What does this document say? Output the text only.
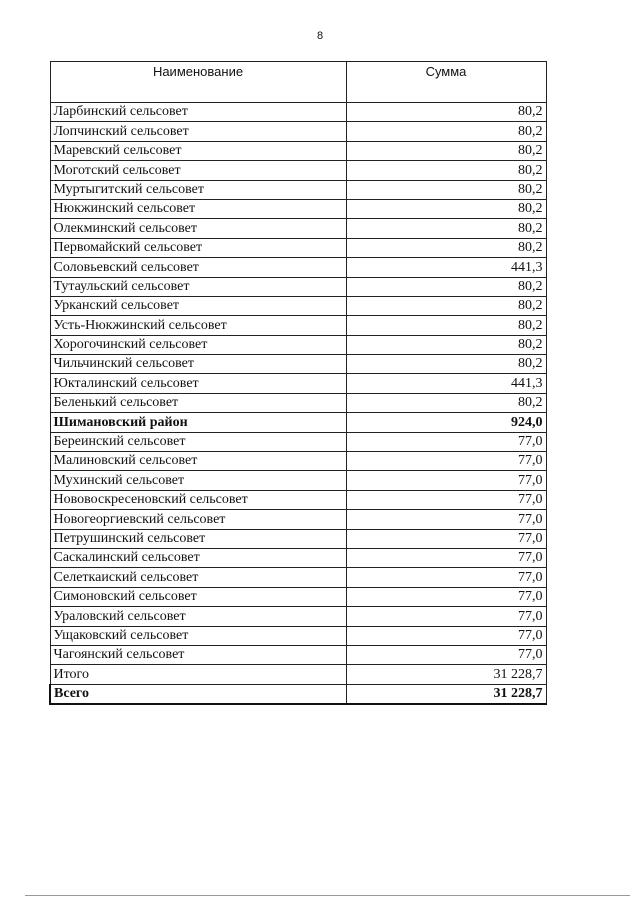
8
Наименование	Сумма
Ларбинский сельсовет	80,2
Лопчинский сельсовет	80,2
Маревский сельсовет	80,2
Моготский сельсовет	80,2
Муртыгитский сельсовет	80,2
Нюкжинский сельсовет	80,2
Олекминский сельсовет	80,2
Первомайский сельсовет	80,2
Соловьевский сельсовет	441,3
Тутаульский сельсовет	80,2
Урканский сельсовет	80,2
Усть-Нюкжинский сельсовет	80,2
Хорогочинский сельсовет	80,2
Чильчинский сельсовет	80,2
Юкталинский сельсовет	441,3
Беленький сельсовет	80,2
Шимановский район	924,0
Береинский сельсовет	77,0
Малиновский сельсовет	77,0
Мухинский сельсовет	77,0
Нововоскресеновский сельсовет	77,0
Новогеоргиевский сельсовет	77,0
Петрушинский сельсовет	77,0
Саскалинский сельсовет	77,0
Селеткаиский сельсовет	77,0
Симоновский сельсовет	77,0
Ураловский сельсовет	77,0
Ущаковский сельсовет	77,0
Чагоянский сельсовет	77,0
Итого	31 228,7
Всего	31 228,7
